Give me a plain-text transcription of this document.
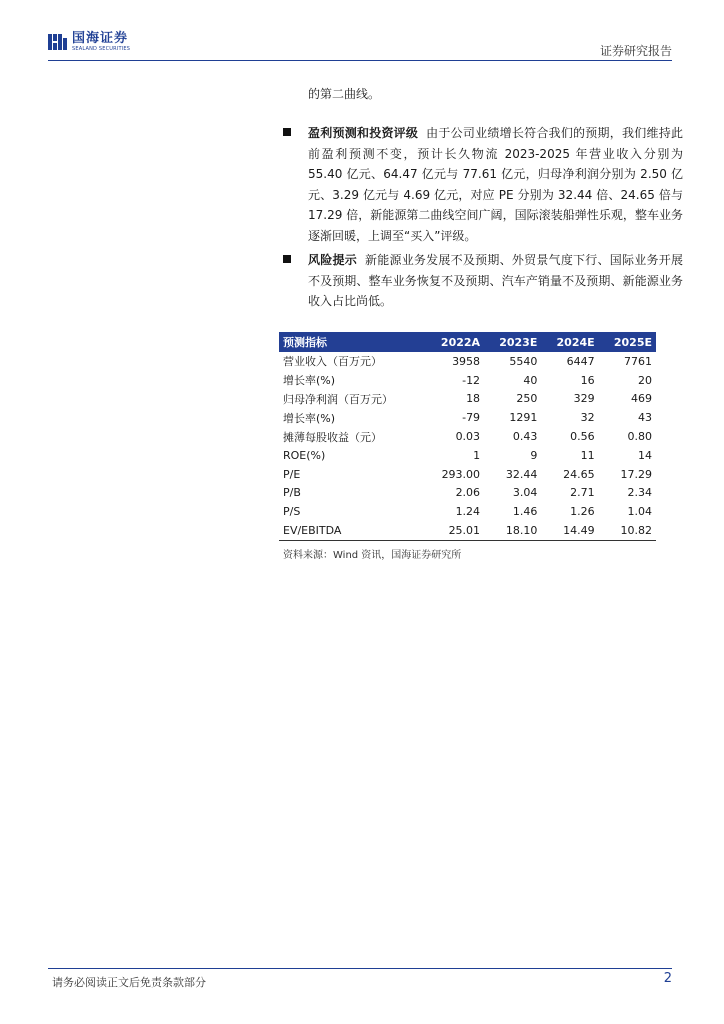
国海证券
SEALAND SECURITIES	证券研究报告
的第二曲线。
盈利预测和投资评级 由于公司业绩增长符合我们的预期，我们维持此前盈利预测不变，预计长久物流 2023-2025 年营业收入分别为 55.40 亿元、64.47 亿元与 77.61 亿元，归母净利润分别为 2.50 亿元、3.29 亿元与 4.69 亿元，对应 PE 分别为 32.44 倍、24.65 倍与 17.29 倍，新能源第二曲线空间广阔，国际滚装船弹性乐观，整车业务逐渐回暖，上调至“买入”评级。
风险提示 新能源业务发展不及预期、外贸景气度下行、国际业务开展不及预期、整车业务恢复不及预期、汽车产销量不及预期、新能源业务收入占比尚低。
预测指标	2022A	2023E	2024E	2025E
营业收入（百万元）	3958	5540	6447	7761
增长率(%)	-12	40	16	20
归母净利润（百万元）	18	250	329	469
增长率(%)	-79	1291	32	43
摊薄每股收益（元）	0.03	0.43	0.56	0.80
ROE(%)	1	9	11	14
P/E	293.00	32.44	24.65	17.29
P/B	2.06	3.04	2.71	2.34
P/S	1.24	1.46	1.26	1.04
EV/EBITDA	25.01	18.10	14.49	10.82
资料来源：Wind 资讯，国海证券研究所
请务必阅读正文后免责条款部分	2
